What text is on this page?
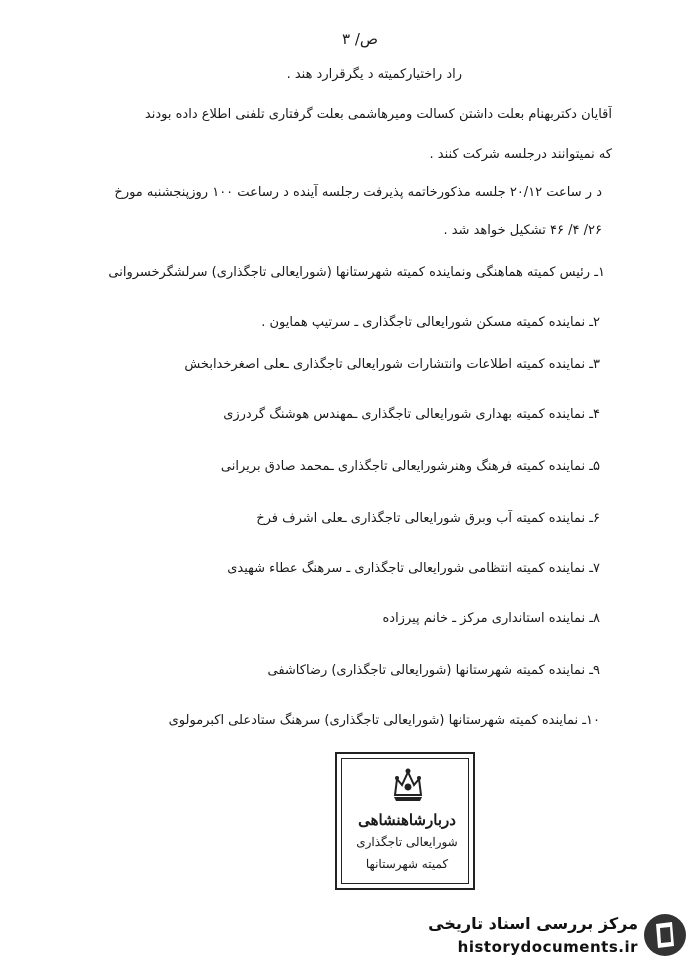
ص/ ۳
راد راختیارکمیته د یگرقرارد هند .
آقایان دکتربهنام بعلت داشتن کسالت ومیرهاشمی بعلت گرفتاری تلفنی اطلاع داده بودند
که نمیتوانند درجلسه شرکت کنند .
د ر ساعت ۲۰/۱۲ جلسه مذکورخاتمه پذیرفت رجلسه آینده د رساعت ۱۰۰ روزپنجشنبه مورخ
۲۶/ ۴/ ۴۶ تشکیل خواهد شد .
۱ـ رئیس کمیته هماهنگی ونماینده کمیته شهرستانها (شورایعالی تاجگذاری) سرلشگرخسروانی
۲ـ نماینده کمیته مسکن شورایعالی تاجگذاری ـ سرتیپ همایون .
۳ـ نماینده کمیته اطلاعات وانتشارات شورایعالی تاجگذاری ـعلی اصغرخدابخش
۴ـ نماینده کمیته بهداری شورایعالی تاجگذاری ـمهندس هوشنگ گردرزی
۵ـ نماینده کمیته فرهنگ وهنرشورایعالی تاجگذاری ـمحمد صادق بریرانی
۶ـ نماینده کمیته آب وبرق شورایعالی تاجگذاری ـعلی اشرف فرخ
۷ـ نماینده کمیته انتظامی شورایعالی تاجگذاری ـ سرهنگ عطاء شهیدی
۸ـ نماینده استانداری مرکز ـ خانم پیرزاده
۹ـ نماینده کمیته شهرستانها (شورایعالی تاجگذاری) رضاکاشفی
۱۰ـ نماینده کمیته شهرستانها (شورایعالی تاجگذاری) سرهنگ ستادعلی اکبرمولوی
دربارشاهنشاهی
شورایعالی تاجگذاری
کمیته شهرستانها
مرکز بررسی اسناد تاریخی
historydocuments.ir
